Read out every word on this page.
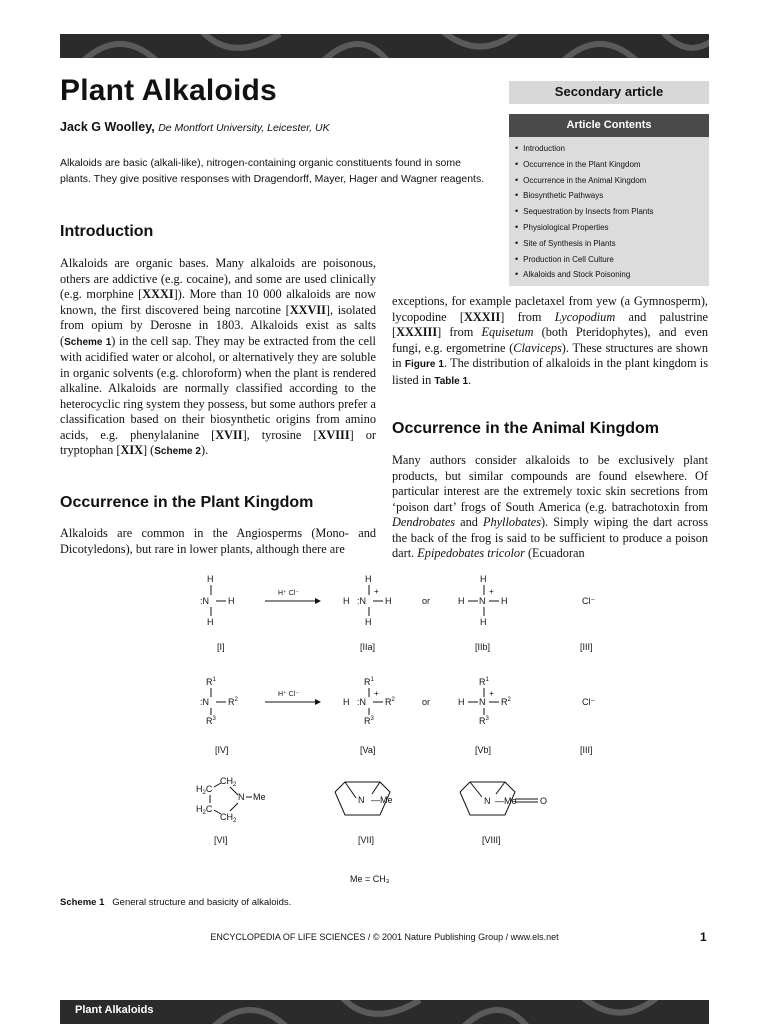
Plant Alkaloids
Jack G Woolley, De Montfort University, Leicester, UK
Secondary article
Article Contents
• Introduction
• Occurrence in the Plant Kingdom
• Occurrence in the Animal Kingdom
• Biosynthetic Pathways
• Sequestration by Insects from Plants
• Physiological Properties
• Site of Synthesis in Plants
• Production in Cell Culture
• Alkaloids and Stock Poisoning
Alkaloids are basic (alkali-like), nitrogen-containing organic constituents found in some plants. They give positive responses with Dragendorff, Mayer, Hager and Wagner reagents.
Introduction

Alkaloids are organic bases. Many alkaloids are poisonous, others are addictive (e.g. cocaine), and some are used clinically (e.g. morphine [XXXI]). More than 10 000 alkaloids are now known, the first discovered being narcotine [XXVII], isolated from opium by Derosne in 1803. Alkaloids exist as salts (Scheme 1) in the cell sap. They may be extracted from the cell with acidified water or alcohol, or alternatively they are soluble in organic solvents (e.g. chloroform) when the plant is rendered alkaline. Alkaloids are normally classified according to the heterocyclic ring system they possess, but some authors prefer a classification based on their biosynthetic origins from amino acids, e.g. phenylalanine [XVII], tyrosine [XVIII] or tryptophan [XIX] (Scheme 2).

Occurrence in the Plant Kingdom

Alkaloids are common in the Angiosperms (Mono- and Dicotyledons), but rare in lower plants, although there are

exceptions, for example pacletaxel from yew (a Gymnosperm), lycopodine [XXXII] from Lycopodium and palustrine [XXXIII] from Equisetum (both Pteridophytes), and even fungi, e.g. ergometrine (Claviceps). These structures are shown in Figure 1. The distribution of alkaloids in the plant kingdom is listed in Table 1.

Occurrence in the Animal Kingdom

Many authors consider alkaloids to be exclusively plant products, but similar compounds are found elsewhere. Of particular interest are the extremely toxic skin secretions from ‘poison dart’ frogs of South America (e.g. batrachotoxin from Dendrobates and Phyllobates). Simply wiping the dart across the back of the frog is said to be sufficient to produce a poison dart. Epipedobates tricolor (Ecuadoran

H
:N H
H
H⁺ Cl⁻
H
+
H :N H
H
or
H
+
H N H
H
Cl⁻
[I]	[IIa]	[IIb]	[III]
$R^1$
:N $R^2$
$R^3$
H⁺ Cl⁻
$R^1$
+
H :N $R^2$
$R^3$
or
$R^1$
+
H N $R^2$
$R^3$
Cl⁻
[IV]	[Va]	[Vb]	[III]
$H_2C$
$CH_2$
N Me
$H_2C$
$CH_2$
N —Me	N —Me	O
[VI]	[VII]	[VIII]
Me = CH₃
Scheme 1 General structure and basicity of alkaloids.
ENCYCLOPEDIA OF LIFE SCIENCES / © 2001 Nature Publishing Group / www.els.net	1
Plant Alkaloids
